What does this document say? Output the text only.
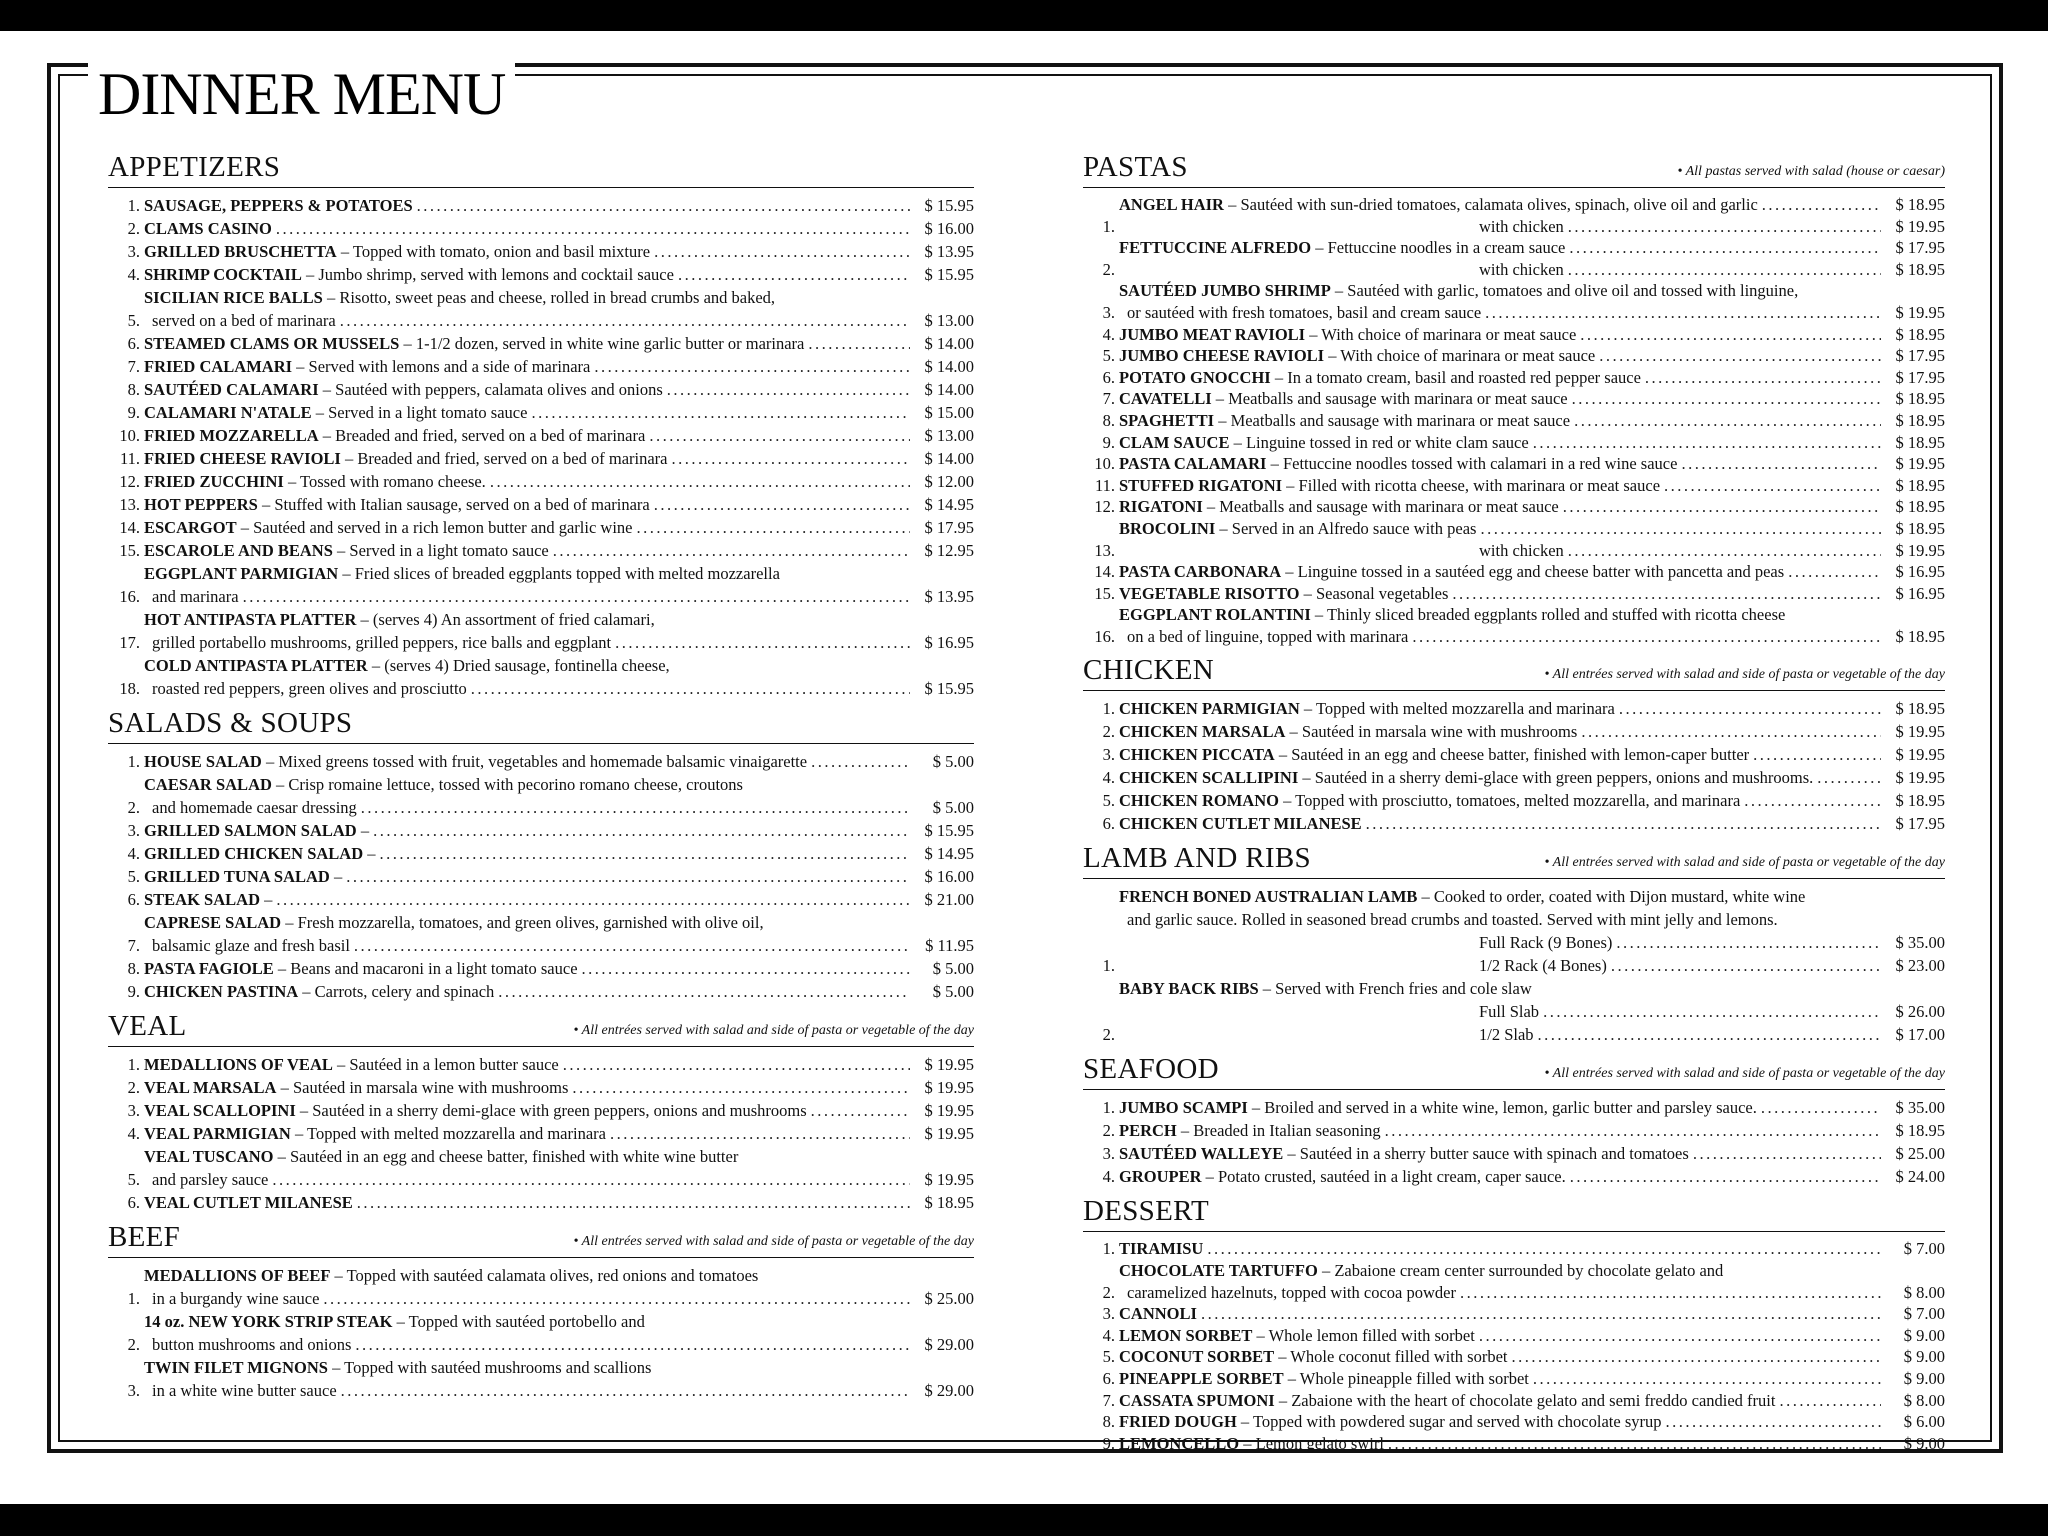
DINNER MENU
APPETIZERS
1. SAUSAGE, PEPPERS & POTATOES .....	$ 15.95
2. CLAMS CASINO .....	$ 16.00
3. GRILLED BRUSCHETTA – Topped with tomato, onion and basil mixture .....	$ 13.95
4. SHRIMP COCKTAIL – Jumbo shrimp, served with lemons and cocktail sauce .....	$ 15.95
5.
SICILIAN RICE BALLS – Risotto, sweet peas and cheese, rolled in bread crumbs and baked,
served on a bed of marinara .....	$ 13.00
6. STEAMED CLAMS OR MUSSELS – 1-1/2 dozen, served in white wine garlic butter or marinara .....	$ 14.00
7. FRIED CALAMARI – Served with lemons and a side of marinara .....	$ 14.00
8. SAUTÉED CALAMARI – Sautéed with peppers, calamata olives and onions .....	$ 14.00
9. CALAMARI N'ATALE – Served in a light tomato sauce .....	$ 15.00
10. FRIED MOZZARELLA – Breaded and fried, served on a bed of marinara .....	$ 13.00
11. FRIED CHEESE RAVIOLI – Breaded and fried, served on a bed of marinara .....	$ 14.00
12. FRIED ZUCCHINI – Tossed with romano cheese. .....	$ 12.00
13. HOT PEPPERS – Stuffed with Italian sausage, served on a bed of marinara .....	$ 14.95
14. ESCARGOT – Sautéed and served in a rich lemon butter and garlic wine .....	$ 17.95
15. ESCAROLE AND BEANS – Served in a light tomato sauce .....	$ 12.95
16.
EGGPLANT PARMIGIAN – Fried slices of breaded eggplants topped with melted mozzarella
and marinara .....	$ 13.95
17.
HOT ANTIPASTA PLATTER – (serves 4) An assortment of fried calamari,
grilled portabello mushrooms, grilled peppers, rice balls and eggplant .....	$ 16.95
18.
COLD ANTIPASTA PLATTER – (serves 4) Dried sausage, fontinella cheese,
roasted red peppers, green olives and prosciutto .....	$ 15.95
SALADS & SOUPS
1. HOUSE SALAD – Mixed greens tossed with fruit, vegetables and homemade balsamic vinaigarette .....	$ 5.00
2.
CAESAR SALAD – Crisp romaine lettuce, tossed with pecorino romano cheese, croutons
and homemade caesar dressing .....	$ 5.00
3. GRILLED SALMON SALAD – .....	$ 15.95
4. GRILLED CHICKEN SALAD – .....	$ 14.95
5. GRILLED TUNA SALAD – .....	$ 16.00
6. STEAK SALAD – .....	$ 21.00
7.
CAPRESE SALAD – Fresh mozzarella, tomatoes, and green olives, garnished with olive oil,
balsamic glaze and fresh basil .....	$ 11.95
8. PASTA FAGIOLE – Beans and macaroni in a light tomato sauce .....	$ 5.00
9. CHICKEN PASTINA – Carrots, celery and spinach .....	$ 5.00
VEAL	• All entrées served with salad and side of pasta or vegetable of the day
1. MEDALLIONS OF VEAL – Sautéed in a lemon butter sauce .....	$ 19.95
2. VEAL MARSALA – Sautéed in marsala wine with mushrooms .....	$ 19.95
3. VEAL SCALLOPINI – Sautéed in a sherry demi-glace with green peppers, onions and mushrooms .....	$ 19.95
4. VEAL PARMIGIAN – Topped with melted mozzarella and marinara .....	$ 19.95
5.
VEAL TUSCANO – Sautéed in an egg and cheese batter, finished with white wine butter
and parsley sauce .....	$ 19.95
6. VEAL CUTLET MILANESE .....	$ 18.95
BEEF	• All entrées served with salad and side of pasta or vegetable of the day
1.
MEDALLIONS OF BEEF – Topped with sautéed calamata olives, red onions and tomatoes
in a burgandy wine sauce .....	$ 25.00
2.
14 oz. NEW YORK STRIP STEAK – Topped with sautéed portobello and
button mushrooms and onions .....	$ 29.00
3.
TWIN FILET MIGNONS – Topped with sautéed mushrooms and scallions
in a white wine butter sauce .....	$ 29.00
PASTAS	• All pastas served with salad (house or caesar)
1.
ANGEL HAIR – Sautéed with sun-dried tomatoes, calamata olives, spinach, olive oil and garlic .....	$ 18.95
with chicken .....	$ 19.95
2.
FETTUCCINE ALFREDO – Fettuccine noodles in a cream sauce .....	$ 17.95
with chicken .....	$ 18.95
3.
SAUTÉED JUMBO SHRIMP – Sautéed with garlic, tomatoes and olive oil and tossed with linguine,
or sautéed with fresh tomatoes, basil and cream sauce .....	$ 19.95
4. JUMBO MEAT RAVIOLI – With choice of marinara or meat sauce .....	$ 18.95
5. JUMBO CHEESE RAVIOLI – With choice of marinara or meat sauce .....	$ 17.95
6. POTATO GNOCCHI – In a tomato cream, basil and roasted red pepper sauce .....	$ 17.95
7. CAVATELLI – Meatballs and sausage with marinara or meat sauce .....	$ 18.95
8. SPAGHETTI – Meatballs and sausage with marinara or meat sauce .....	$ 18.95
9. CLAM SAUCE – Linguine tossed in red or white clam sauce .....	$ 18.95
10. PASTA CALAMARI – Fettuccine noodles tossed with calamari in a red wine sauce .....	$ 19.95
11. STUFFED RIGATONI – Filled with ricotta cheese, with marinara or meat sauce .....	$ 18.95
12. RIGATONI – Meatballs and sausage with marinara or meat sauce .....	$ 18.95
13.
BROCOLINI – Served in an Alfredo sauce with peas .....	$ 18.95
with chicken .....	$ 19.95
14. PASTA CARBONARA – Linguine tossed in a sautéed egg and cheese batter with pancetta and peas .....	$ 16.95
15. VEGETABLE RISOTTO – Seasonal vegetables .....	$ 16.95
16.
EGGPLANT ROLANTINI – Thinly sliced breaded eggplants rolled and stuffed with ricotta cheese
on a bed of linguine, topped with marinara .....	$ 18.95
CHICKEN	• All entrées served with salad and side of pasta or vegetable of the day
1. CHICKEN PARMIGIAN – Topped with melted mozzarella and marinara .....	$ 18.95
2. CHICKEN MARSALA – Sautéed in marsala wine with mushrooms .....	$ 19.95
3. CHICKEN PICCATA – Sautéed in an egg and cheese batter, finished with lemon-caper butter .....	$ 19.95
4. CHICKEN SCALLIPINI – Sautéed in a sherry demi-glace with green peppers, onions and mushrooms. .....	$ 19.95
5. CHICKEN ROMANO – Topped with prosciutto, tomatoes, melted mozzarella, and marinara .....	$ 18.95
6. CHICKEN CUTLET MILANESE .....	$ 17.95
LAMB AND RIBS	• All entrées served with salad and side of pasta or vegetable of the day
1.
FRENCH BONED AUSTRALIAN LAMB – Cooked to order, coated with Dijon mustard, white wine
and garlic sauce. Rolled in seasoned bread crumbs and toasted. Served with mint jelly and lemons.
Full Rack (9 Bones) .....	$ 35.00
1/2 Rack (4 Bones) .....	$ 23.00
2.
BABY BACK RIBS – Served with French fries and cole slaw
Full Slab .....	$ 26.00
1/2 Slab .....	$ 17.00
SEAFOOD	• All entrées served with salad and side of pasta or vegetable of the day
1. JUMBO SCAMPI – Broiled and served in a white wine, lemon, garlic butter and parsley sauce. .....	$ 35.00
2. PERCH – Breaded in Italian seasoning .....	$ 18.95
3. SAUTÉED WALLEYE – Sautéed in a sherry butter sauce with spinach and tomatoes .....	$ 25.00
4. GROUPER – Potato crusted, sautéed in a light cream, caper sauce. .....	$ 24.00
DESSERT
1. TIRAMISU .....	$ 7.00
2.
CHOCOLATE TARTUFFO – Zabaione cream center surrounded by chocolate gelato and
caramelized hazelnuts, topped with cocoa powder .....	$ 8.00
3. CANNOLI .....	$ 7.00
4. LEMON SORBET – Whole lemon filled with sorbet .....	$ 9.00
5. COCONUT SORBET – Whole coconut filled with sorbet .....	$ 9.00
6. PINEAPPLE SORBET – Whole pineapple filled with sorbet .....	$ 9.00
7. CASSATA SPUMONI – Zabaione with the heart of chocolate gelato and semi freddo candied fruit .....	$ 8.00
8. FRIED DOUGH – Topped with powdered sugar and served with chocolate syrup .....	$ 6.00
9. LEMONCELLO – Lemon gelato swirl .....	$ 9.00
